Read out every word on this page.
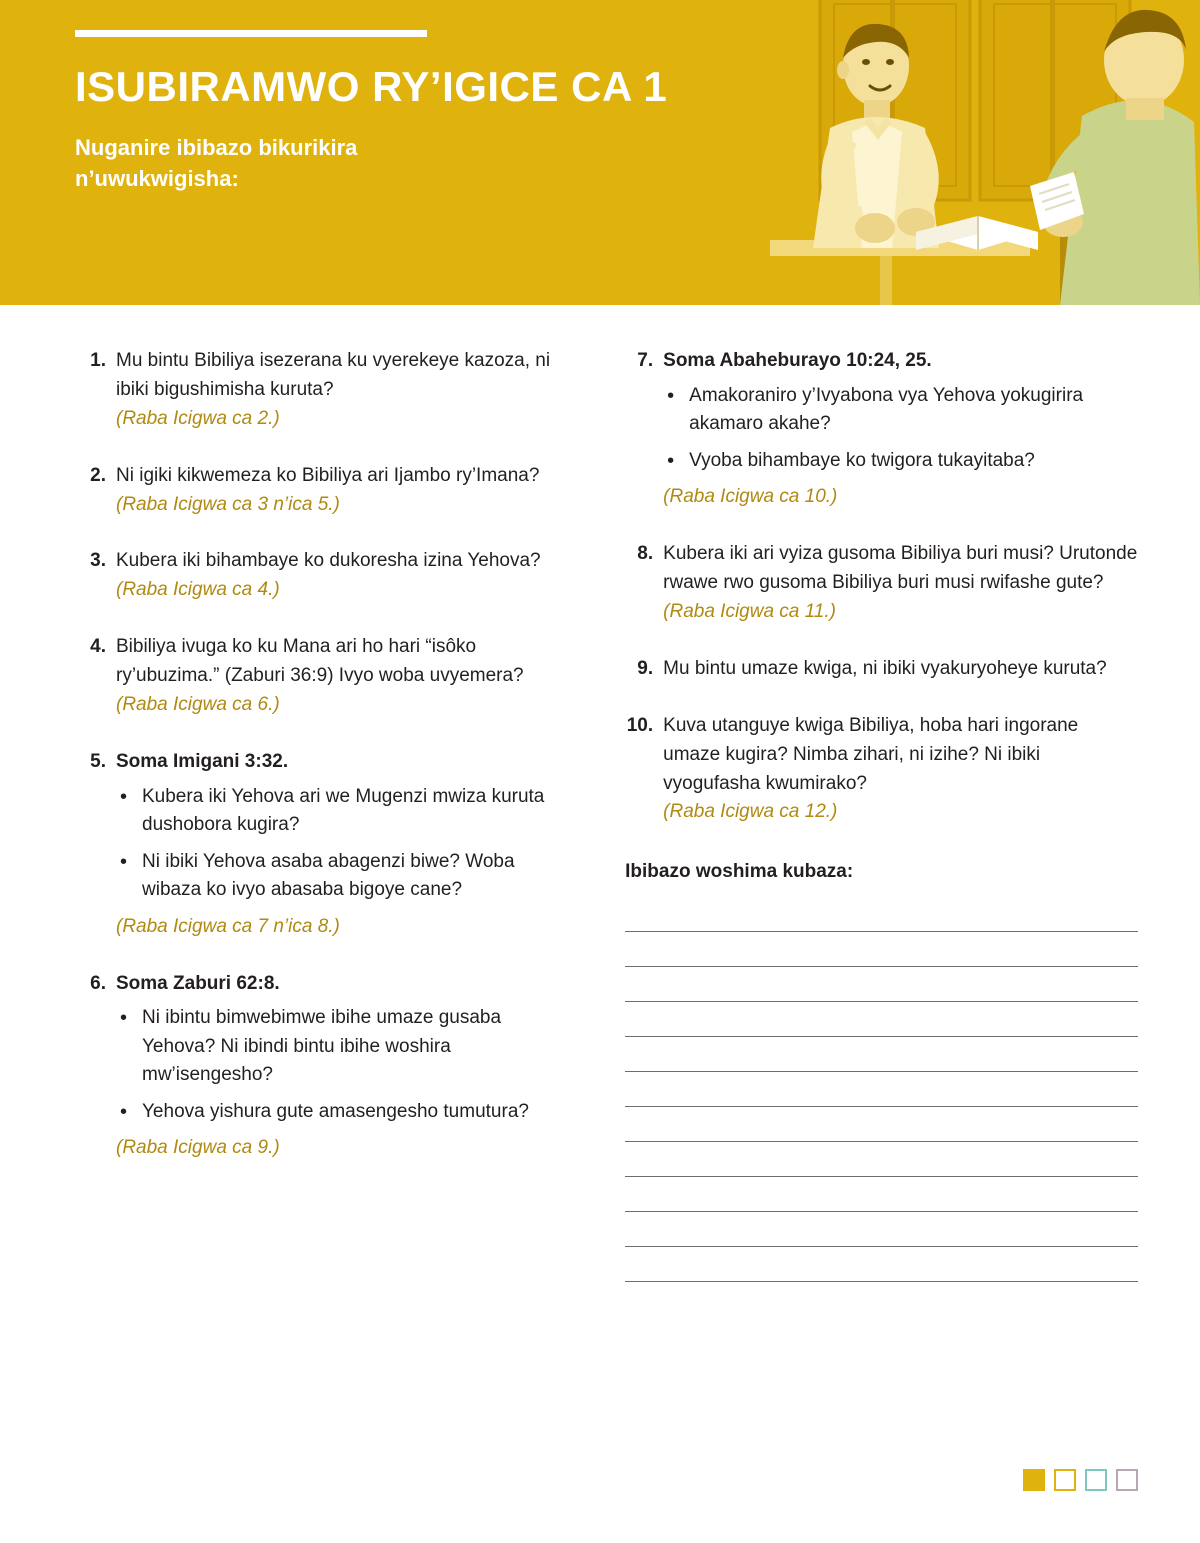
ISUBIRAMWO RY’IGICE CA 1

Nuganire ibibazo bikurikira n’uwukwigisha:

1. Mu bintu Bibiliya isezerana ku vyerekeye kazoza, ni ibiki bigushimisha kuruta?

(Raba Icigwa ca 2.)

2. Ni igiki kikwemeza ko Bibiliya ari Ijambo ry’Imana?

(Raba Icigwa ca 3 n’ica 5.)

3. Kubera iki bihambaye ko dukoresha izina Yehova?

(Raba Icigwa ca 4.)

4. Bibiliya ivuga ko ku Mana ari ho hari “isôko ry’ubuzima.” (Zaburi 36:9) Ivyo woba uvyemera?

(Raba Icigwa ca 6.)

5. Soma Imigani 3:32.

• Kubera iki Yehova ari we Mugenzi mwiza kuruta dushobora kugira?
• Ni ibiki Yehova asaba abagenzi biwe? Woba wibaza ko ivyo abasaba bigoye cane?

(Raba Icigwa ca 7 n’ica 8.)

6. Soma Zaburi 62:8.

• Ni ibintu bimwebimwe ibihe umaze gusaba Yehova? Ni ibindi bintu ibihe woshira mw’isengesho?
• Yehova yishura gute amasengesho tumutura?

(Raba Icigwa ca 9.)

7. Soma Abaheburayo 10:24, 25.

• Amakoraniro y’Ivyabona vya Yehova yokugirira akamaro akahe?
• Vyoba bihambaye ko twigora tukayitaba?

(Raba Icigwa ca 10.)

8. Kubera iki ari vyiza gusoma Bibiliya buri musi? Urutonde rwawe rwo gusoma Bibiliya buri musi rwifashe gute?

(Raba Icigwa ca 11.)

9. Mu bintu umaze kwiga, ni ibiki vyakuryoheye kuruta?

10. Kuva utanguye kwiga Bibiliya, hoba hari ingorane umaze kugira? Nimba zihari, ni izihe? Ni ibiki vyogufasha kwumirako?

(Raba Icigwa ca 12.)

Ibibazo woshima kubaza:
